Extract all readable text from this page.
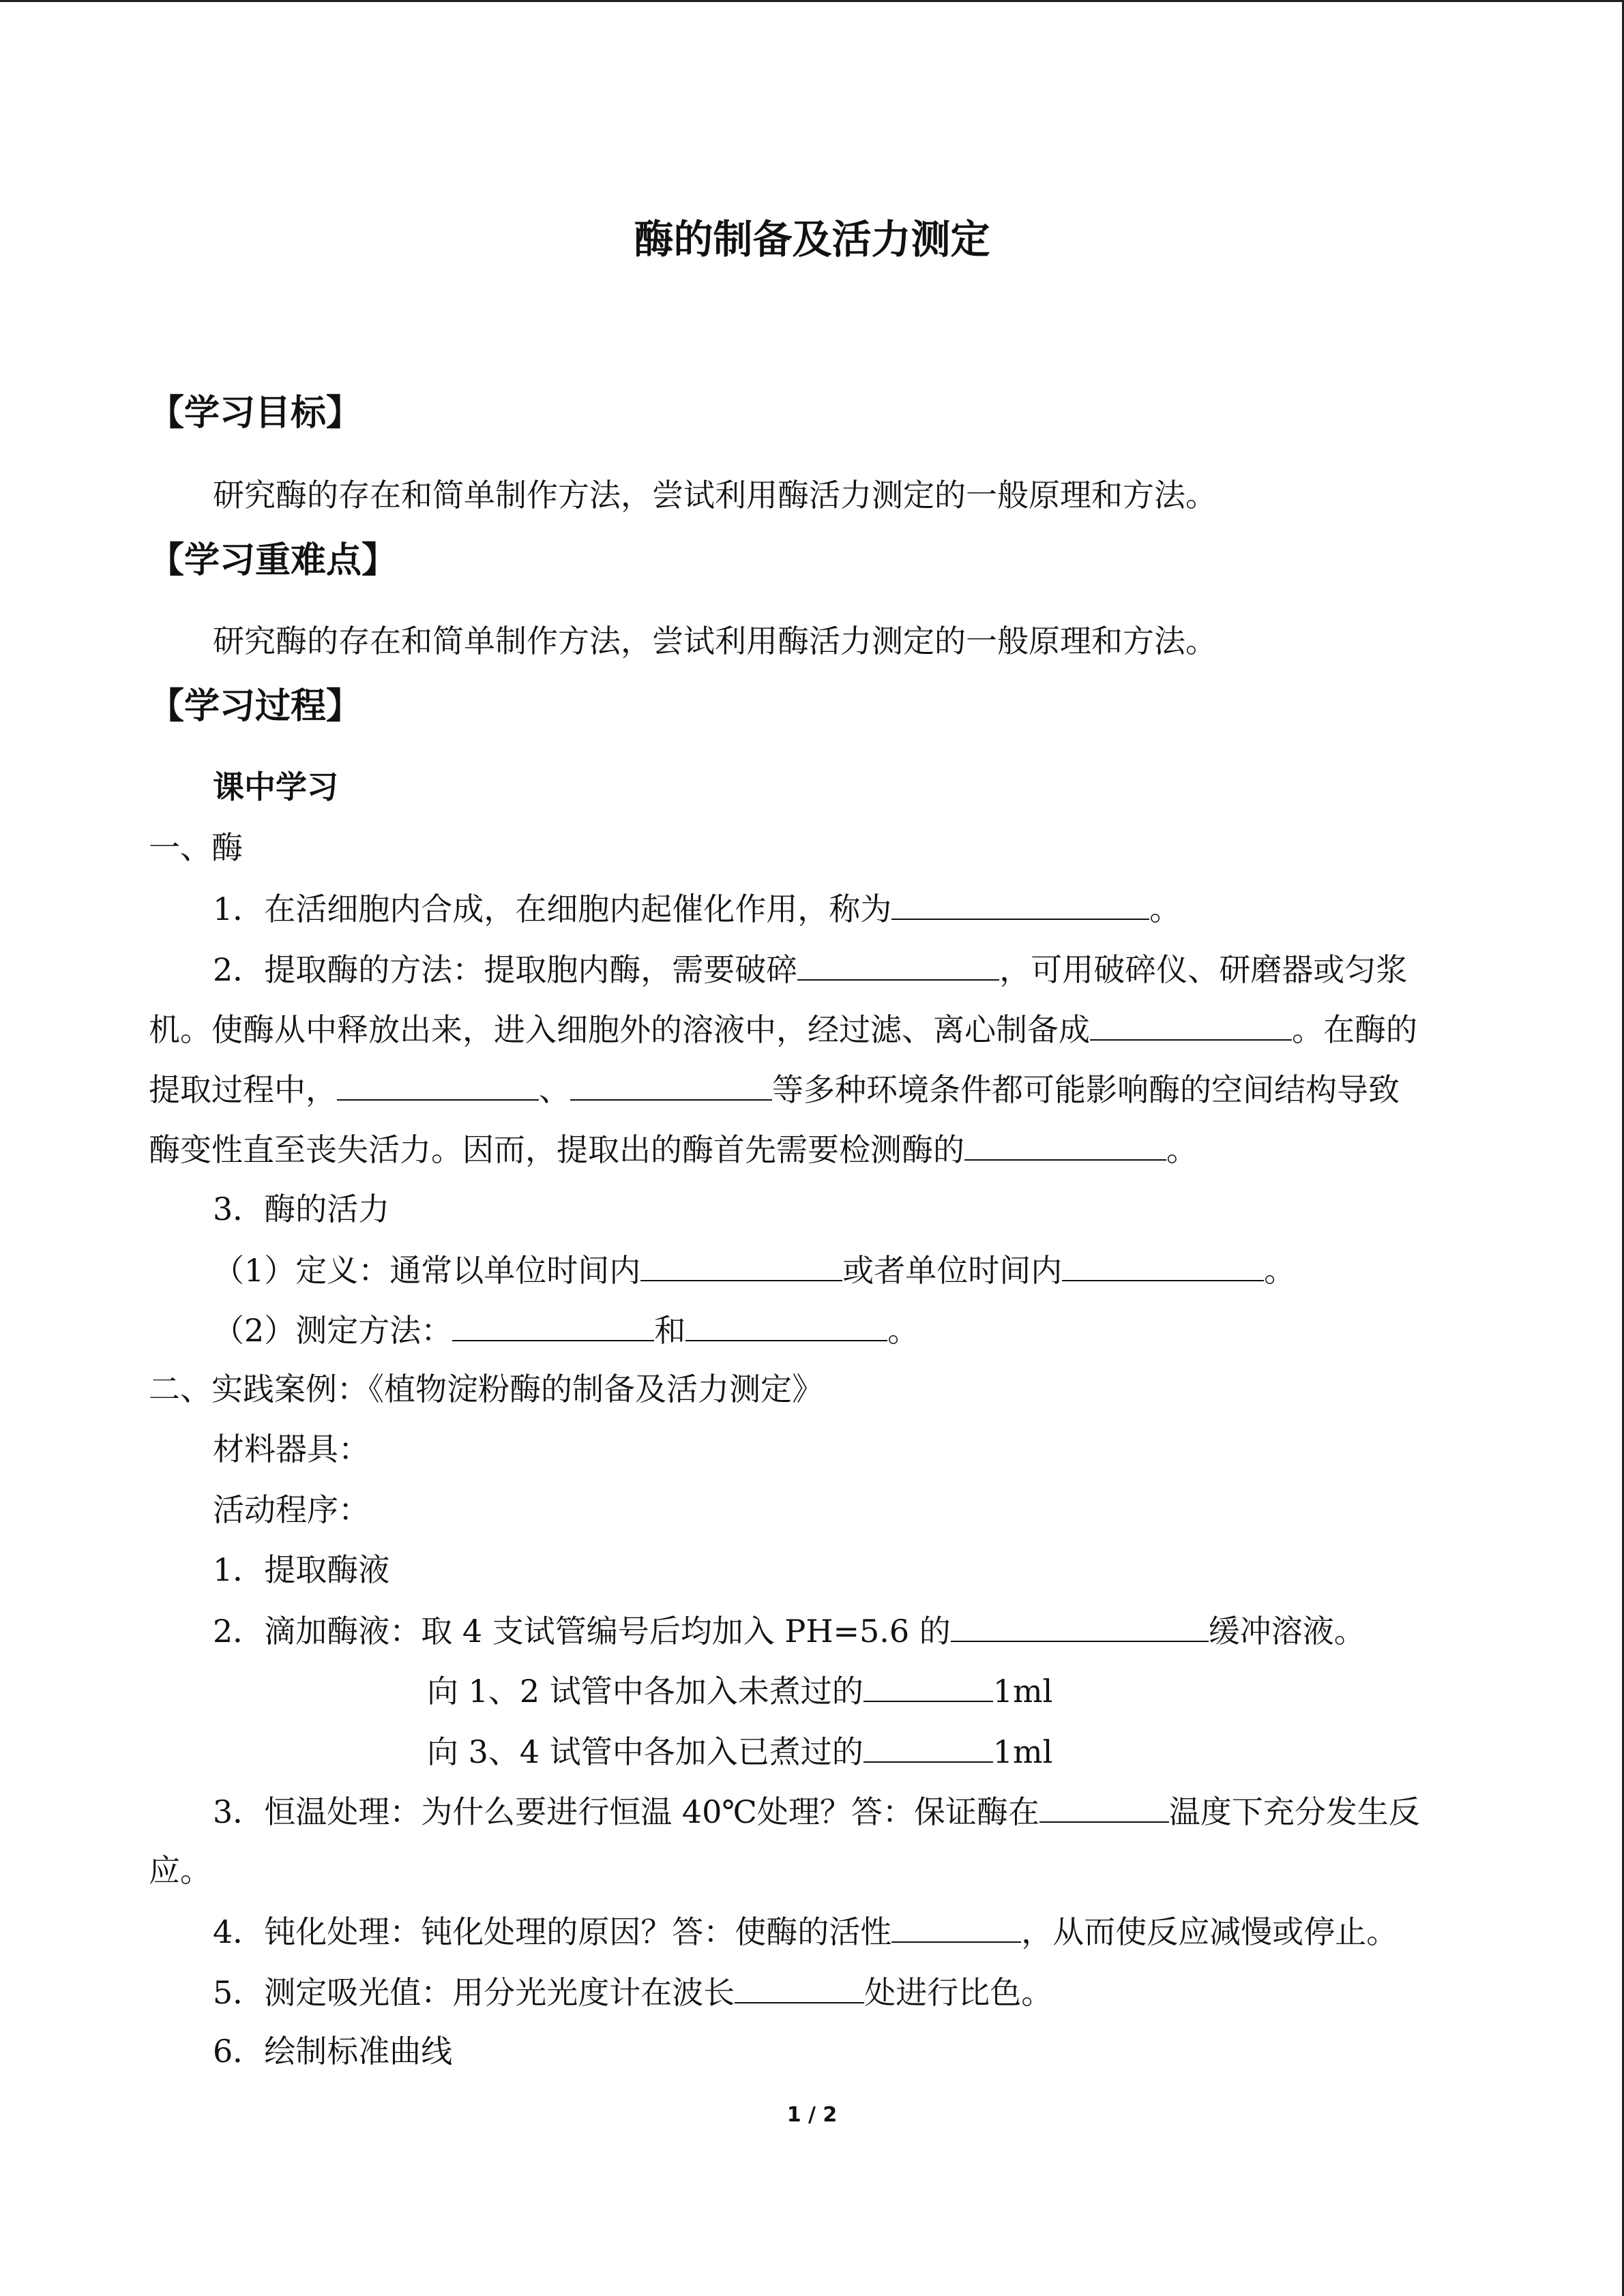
酶的制备及活力测定
【学习目标】
研究酶的存在和简单制作方法，尝试利用酶活力测定的一般原理和方法。
【学习重难点】
研究酶的存在和简单制作方法，尝试利用酶活力测定的一般原理和方法。
【学习过程】
课中学习
一、酶
1．在活细胞内合成，在细胞内起催化作用，称为	。
2．提取酶的方法：提取胞内酶，需要破碎	，可用破碎仪、研磨器或匀浆
机。使酶从中释放出来，进入细胞外的溶液中，经过滤、离心制备成	。在酶的
提取过程中，	、	等多种环境条件都可能影响酶的空间结构导致
酶变性直至丧失活力。因而，提取出的酶首先需要检测酶的	。
3．酶的活力
（1）定义：通常以单位时间内	或者单位时间内	。
（2）测定方法：	和	。
二、实践案例：《植物淀粉酶的制备及活力测定》
材料器具：
活动程序：
1．提取酶液
2．滴加酶液：取 4 支试管编号后均加入 PH=5.6 的	缓冲溶液。
向 1、2 试管中各加入未煮过的	1ml
向 3、4 试管中各加入已煮过的	1ml
3．恒温处理：为什么要进行恒温 40℃处理？答：保证酶在	温度下充分发生反
应。
4．钝化处理：钝化处理的原因？答：使酶的活性	，从而使反应减慢或停止。
5．测定吸光值：用分光光度计在波长	处进行比色。
6．绘制标准曲线
1 / 2
